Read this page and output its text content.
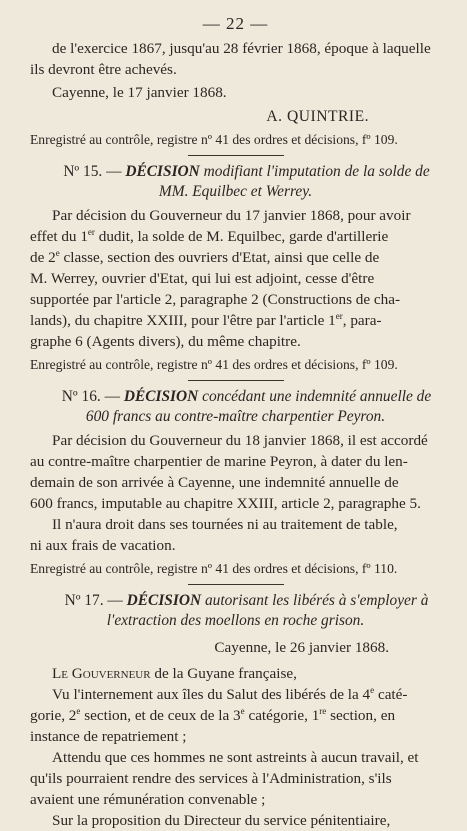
— 22 —

de l'exercice 1867, jusqu'au 28 février 1868, époque à laquelle
ils devront être achevés.

Cayenne, le 17 janvier 1868.

A. QUINTRIE.

Enregistré au contrôle, registre nº 41 des ordres et décisions, fº 109.

Nº 15. — DÉCISION modifiant l'imputation de la solde de
MM. Equilbec et Werrey.

Par décision du Gouverneur du 17 janvier 1868, pour avoir
effet du 1er dudit, la solde de M. Equilbec, garde d'artillerie
de 2e classe, section des ouvriers d'Etat, ainsi que celle de
M. Werrey, ouvrier d'Etat, qui lui est adjoint, cesse d'être
supportée par l'article 2, paragraphe 2 (Constructions de cha-
lands), du chapitre XXIII, pour l'être par l'article 1er, para-
graphe 6 (Agents divers), du même chapitre.

Enregistré au contrôle, registre nº 41 des ordres et décisions, fº 109.

Nº 16. — DÉCISION concédant une indemnité annuelle de
600 francs au contre-maître charpentier Peyron.

Par décision du Gouverneur du 18 janvier 1868, il est accordé
au contre-maître charpentier de marine Peyron, à dater du len-
demain de son arrivée à Cayenne, une indemnité annuelle de
600 francs, imputable au chapitre XXIII, article 2, paragraphe 5.

Il n'aura droit dans ses tournées ni au traitement de table,
ni aux frais de vacation.

Enregistré au contrôle, registre nº 41 des ordres et décisions, fº 110.

Nº 17. — DÉCISION autorisant les libérés à s'employer à
l'extraction des moellons en roche grison.

Cayenne, le 26 janvier 1868.

Le Gouverneur de la Guyane française,

Vu l'internement aux îles du Salut des libérés de la 4e caté-
gorie, 2e section, et de ceux de la 3e catégorie, 1re section, en
instance de repatriement ;

Attendu que ces hommes ne sont astreints à aucun travail, et
qu'ils pourraient rendre des services à l'Administration, s'ils
avaient une rémunération convenable ;

Sur la proposition du Directeur du service pénitentiaire,
